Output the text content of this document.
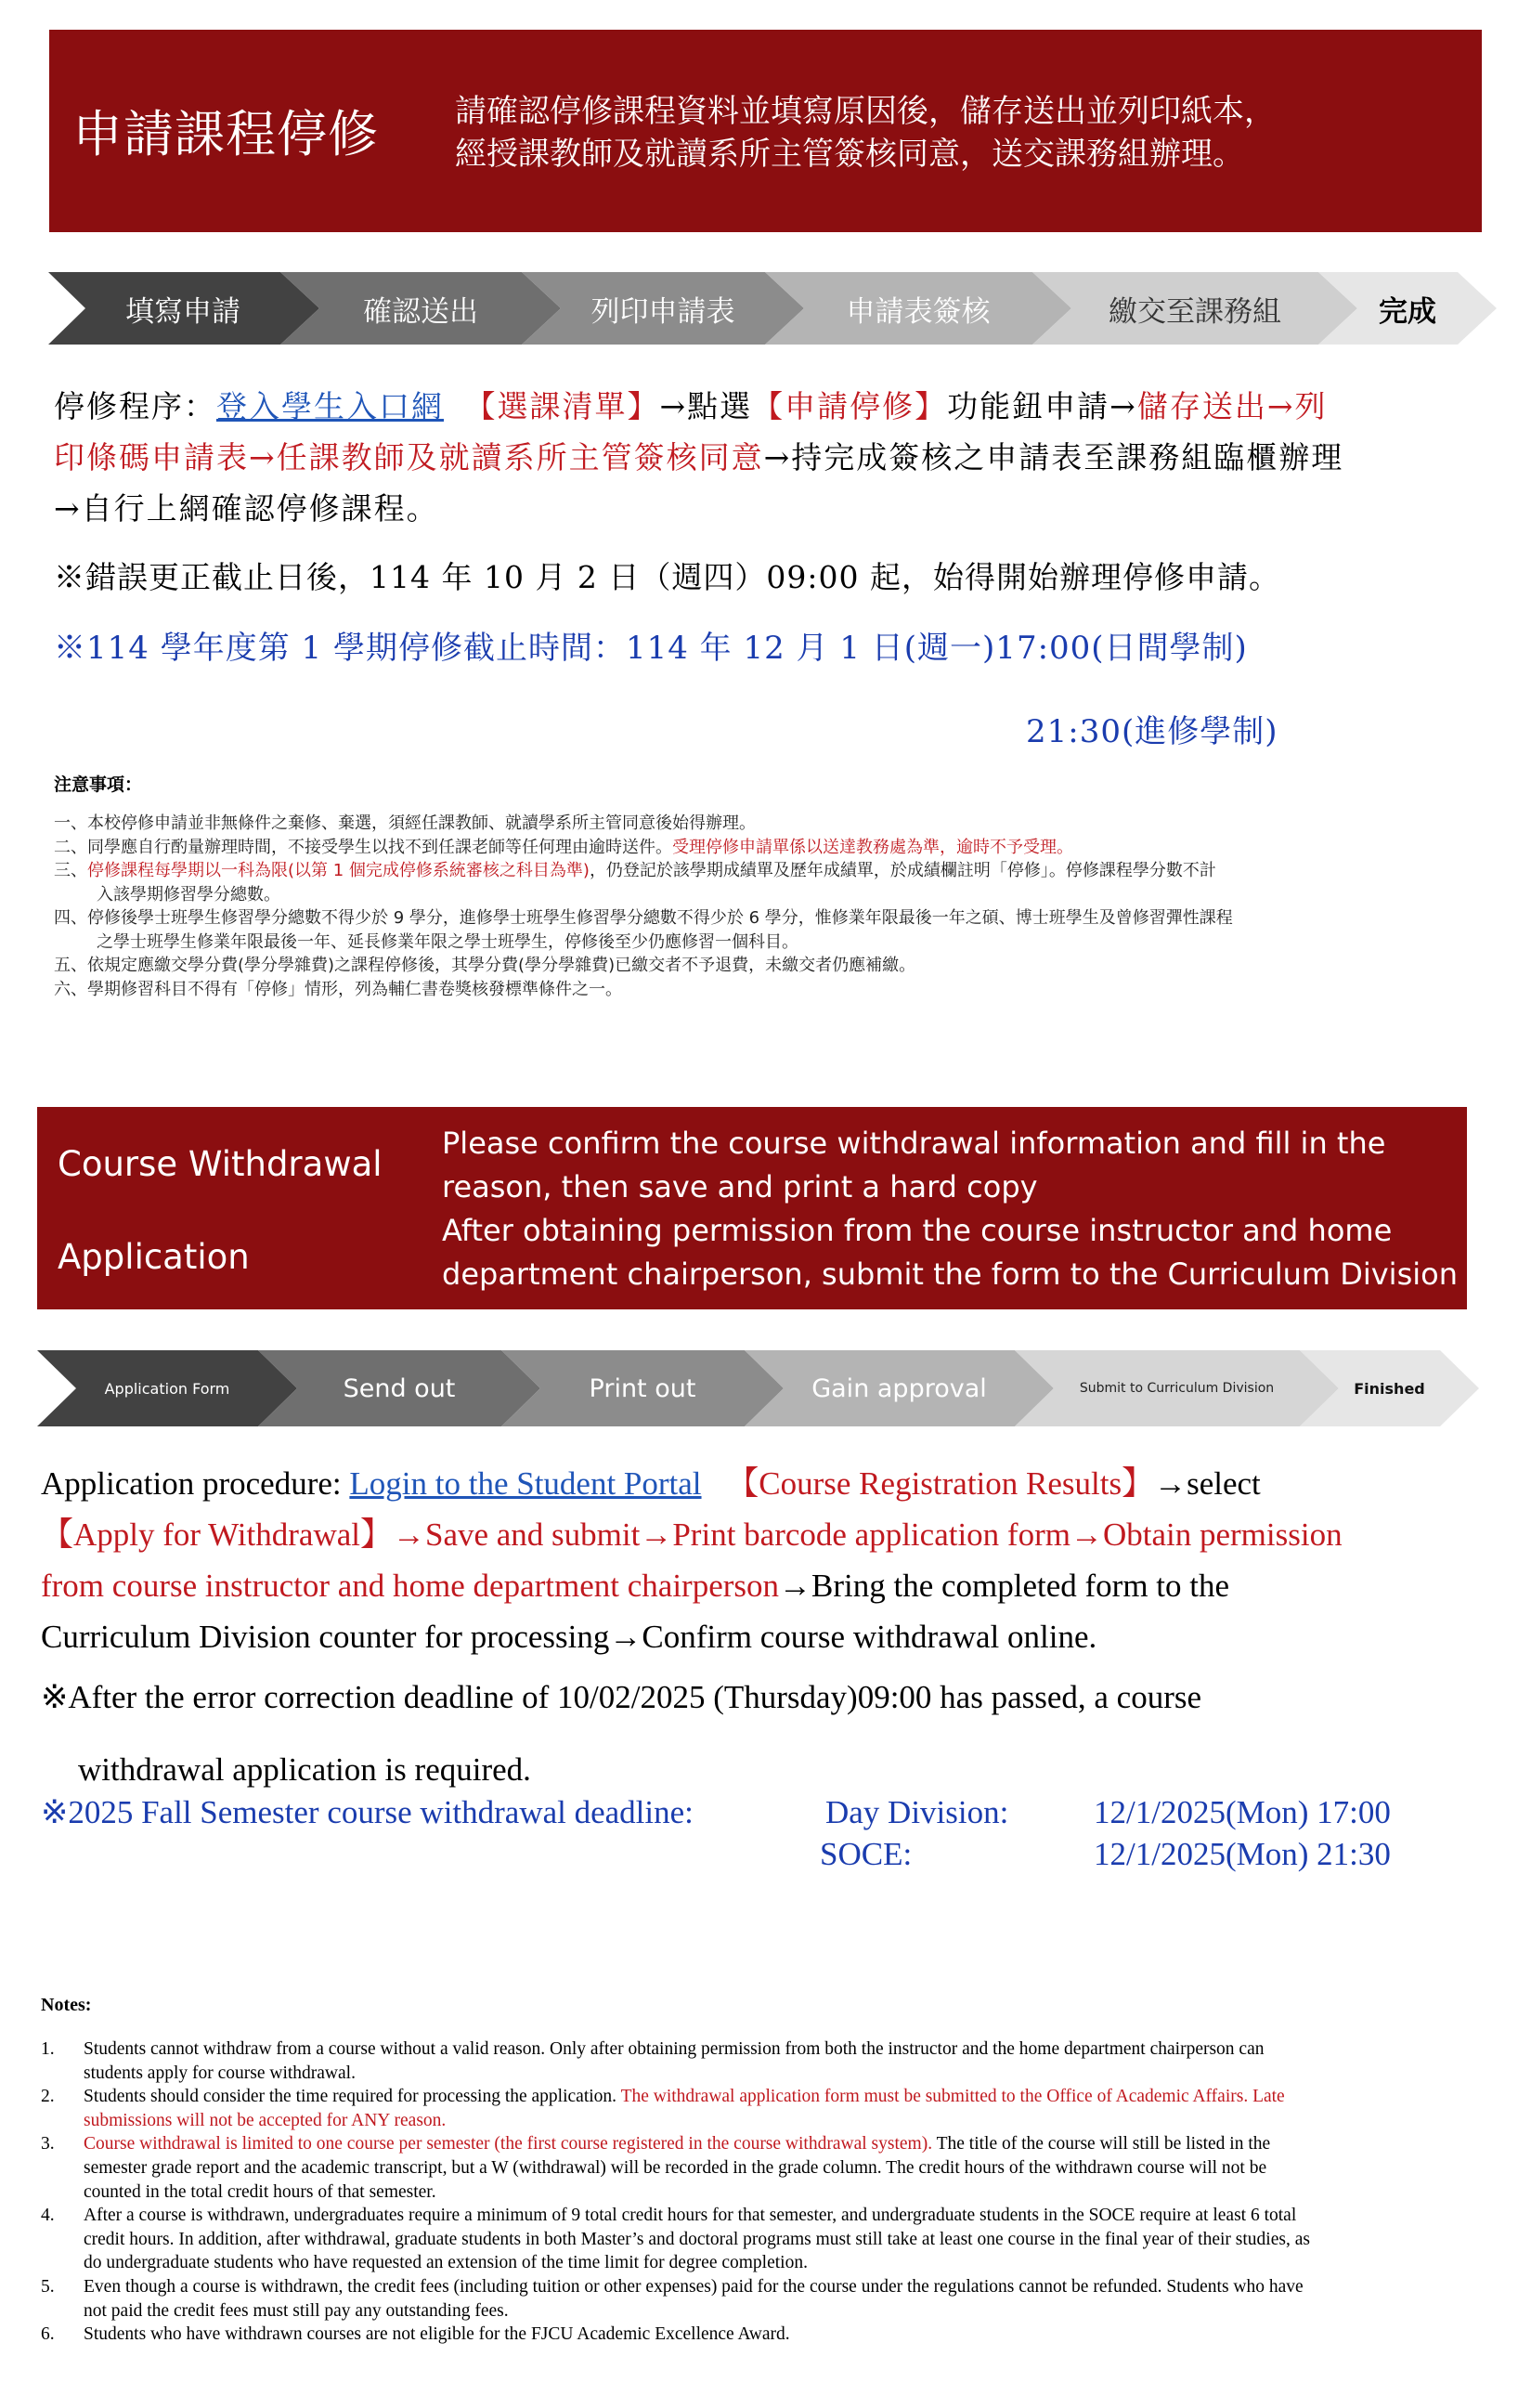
申請課程停修 請確認停修課程資料並填寫原因後，儲存送出並列印紙本，
經授課教師及就讀系所主管簽核同意，送交課務組辦理。
填寫申請	確認送出	列印申請表	申請表簽核	繳交至課務組	完成
停修程序：登入學生入口網 【選課清單】→點選【申請停修】功能鈕申請→儲存送出→列
印條碼申請表→任課教師及就讀系所主管簽核同意→持完成簽核之申請表至課務組臨櫃辦理
→自行上網確認停修課程。
※錯誤更正截止日後，114 年 10 月 2 日（週四）09:00 起，始得開始辦理停修申請。
※114 學年度第 1 學期停修截止時間：114 年 12 月 1 日(週一)17:00(日間學制)
21:30(進修學制)
注意事項：

一、本校停修申請並非無條件之棄修、棄選，須經任課教師、就讀學系所主管同意後始得辦理。

二、同學應自行酌量辦理時間，不接受學生以找不到任課老師等任何理由逾時送件。受理停修申請單係以送達教務處為準，逾時不予受理。

三、停修課程每學期以一科為限(以第 1 個完成停修系統審核之科目為準)，仍登記於該學期成績單及歷年成績單，於成績欄註明「停修」。停修課程學分數不計

入該學期修習學分總數。

四、停修後學士班學生修習學分總數不得少於 9 學分，進修學士班學生修習學分總數不得少於 6 學分，惟修業年限最後一年之碩、博士班學生及曾修習彈性課程

之學士班學生修業年限最後一年、延長修業年限之學士班學生，停修後至少仍應修習一個科目。

五、依規定應繳交學分費(學分學雜費)之課程停修後，其學分費(學分學雜費)已繳交者不予退費，未繳交者仍應補繳。

六、學期修習科目不得有「停修」情形，列為輔仁書卷獎核發標準條件之一。

Course Withdrawal
Application
Please confirm the course withdrawal information and fill in the
reason, then save and print a hard copy
After obtaining permission from the course instructor and home
department chairperson, submit the form to the Curriculum Division
Application Form	Send out	Print out	Gain approval	Submit to Curriculum Division	Finished
Application procedure: Login to the Student Portal 【Course Registration Results】→select
【Apply for Withdrawal】→Save and submit→Print barcode application form→Obtain permission
from course instructor and home department chairperson→Bring the completed form to the
Curriculum Division counter for processing→Confirm course withdrawal online.
※After the error correction deadline of 10/02/2025 (Thursday)09:00 has passed, a course
withdrawal application is required.
※2025 Fall Semester course withdrawal deadline:	Day Division:	12/1/2025(Mon) 17:00
SOCE:	12/1/2025(Mon) 21:30
Notes:

1. Students cannot withdraw from a course without a valid reason. Only after obtaining permission from both the instructor and the home department chairperson can

students apply for course withdrawal.

2. Students should consider the time required for processing the application. The withdrawal application form must be submitted to the Office of Academic Affairs. Late

submissions will not be accepted for ANY reason.

3. Course withdrawal is limited to one course per semester (the first course registered in the course withdrawal system). The title of the course will still be listed in the

semester grade report and the academic transcript, but a W (withdrawal) will be recorded in the grade column. The credit hours of the withdrawn course will not be

counted in the total credit hours of that semester.

4. After a course is withdrawn, undergraduates require a minimum of 9 total credit hours for that semester, and undergraduate students in the SOCE require at least 6 total

credit hours. In addition, after withdrawal, graduate students in both Master’s and doctoral programs must still take at least one course in the final year of their studies, as

do undergraduate students who have requested an extension of the time limit for degree completion.

5. Even though a course is withdrawn, the credit fees (including tuition or other expenses) paid for the course under the regulations cannot be refunded. Students who have

not paid the credit fees must still pay any outstanding fees.

6. Students who have withdrawn courses are not eligible for the FJCU Academic Excellence Award.
